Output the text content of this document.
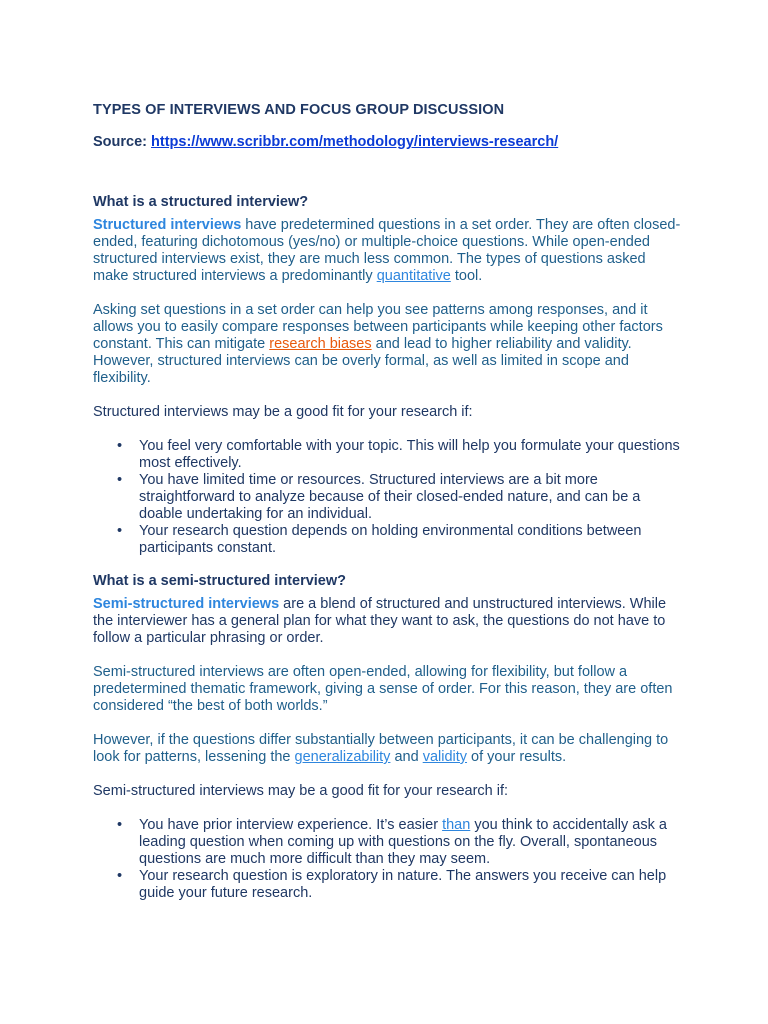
TYPES OF INTERVIEWS AND FOCUS GROUP DISCUSSION

Source: https://www.scribbr.com/methodology/interviews-research/

What is a structured interview?

Structured interviews have predetermined questions in a set order. They are often closed-ended, featuring dichotomous (yes/no) or multiple-choice questions. While open-ended structured interviews exist, they are much less common. The types of questions asked make structured interviews a predominantly quantitative tool.

Asking set questions in a set order can help you see patterns among responses, and it allows you to easily compare responses between participants while keeping other factors constant. This can mitigate research biases and lead to higher reliability and validity. However, structured interviews can be overly formal, as well as limited in scope and flexibility.

Structured interviews may be a good fit for your research if:

• You feel very comfortable with your topic. This will help you formulate your questions most effectively.
• You have limited time or resources. Structured interviews are a bit more straightforward to analyze because of their closed-ended nature, and can be a doable undertaking for an individual.
• Your research question depends on holding environmental conditions between participants constant.
What is a semi-structured interview?

Semi-structured interviews are a blend of structured and unstructured interviews. While the interviewer has a general plan for what they want to ask, the questions do not have to follow a particular phrasing or order.

Semi-structured interviews are often open-ended, allowing for flexibility, but follow a predetermined thematic framework, giving a sense of order. For this reason, they are often considered “the best of both worlds.”

However, if the questions differ substantially between participants, it can be challenging to look for patterns, lessening the generalizability and validity of your results.

Semi-structured interviews may be a good fit for your research if:

• You have prior interview experience. It’s easier than you think to accidentally ask a leading question when coming up with questions on the fly. Overall, spontaneous questions are much more difficult than they may seem.
• Your research question is exploratory in nature. The answers you receive can help guide your future research.
